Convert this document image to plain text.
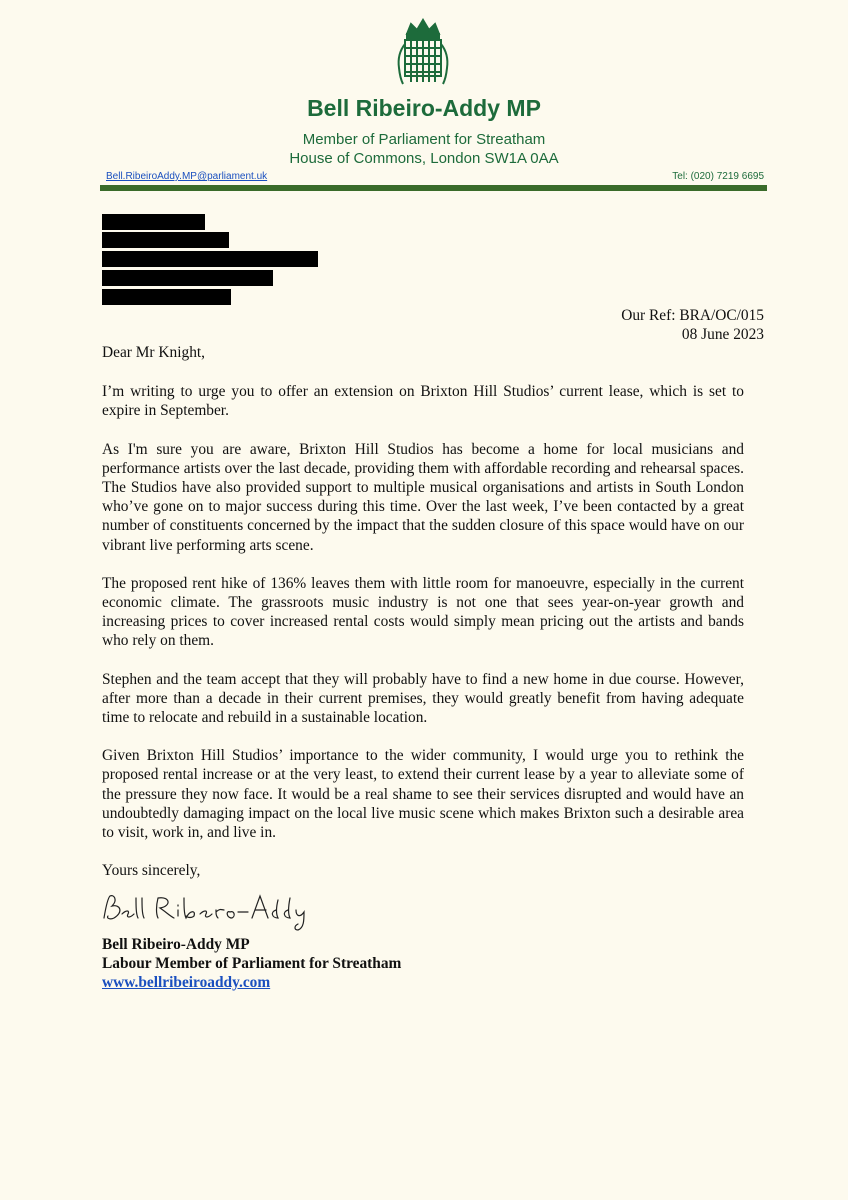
Bell Ribeiro-Addy MP
Member of Parliament for Streatham
House of Commons, London SW1A 0AA
Bell.RibeiroAddy.MP@parliament.uk	Tel: (020) 7219 6695
Our Ref: BRA/OC/015
08 June 2023

Dear Mr Knight,

I’m writing to urge you to offer an extension on Brixton Hill Studios’ current lease, which is set to expire in September.

As I'm sure you are aware, Brixton Hill Studios has become a home for local musicians and performance artists over the last decade, providing them with affordable recording and rehearsal spaces. The Studios have also provided support to multiple musical organisations and artists in South London who’ve gone on to major success during this time. Over the last week, I’ve been contacted by a great number of constituents concerned by the impact that the sudden closure of this space would have on our vibrant live performing arts scene.

The proposed rent hike of 136% leaves them with little room for manoeuvre, especially in the current economic climate. The grassroots music industry is not one that sees year-on-year growth and increasing prices to cover increased rental costs would simply mean pricing out the artists and bands who rely on them.

Stephen and the team accept that they will probably have to find a new home in due course. However, after more than a decade in their current premises, they would greatly benefit from having adequate time to relocate and rebuild in a sustainable location.

Given Brixton Hill Studios’ importance to the wider community, I would urge you to rethink the proposed rental increase or at the very least, to extend their current lease by a year to alleviate some of the pressure they now face. It would be a real shame to see their services disrupted and would have an undoubtedly damaging impact on the local live music scene which makes Brixton such a desirable area to visit, work in, and live in.

Yours sincerely,

Bell Ribeiro-Addy MP
Labour Member of Parliament for Streatham
www.bellribeiroaddy.com
